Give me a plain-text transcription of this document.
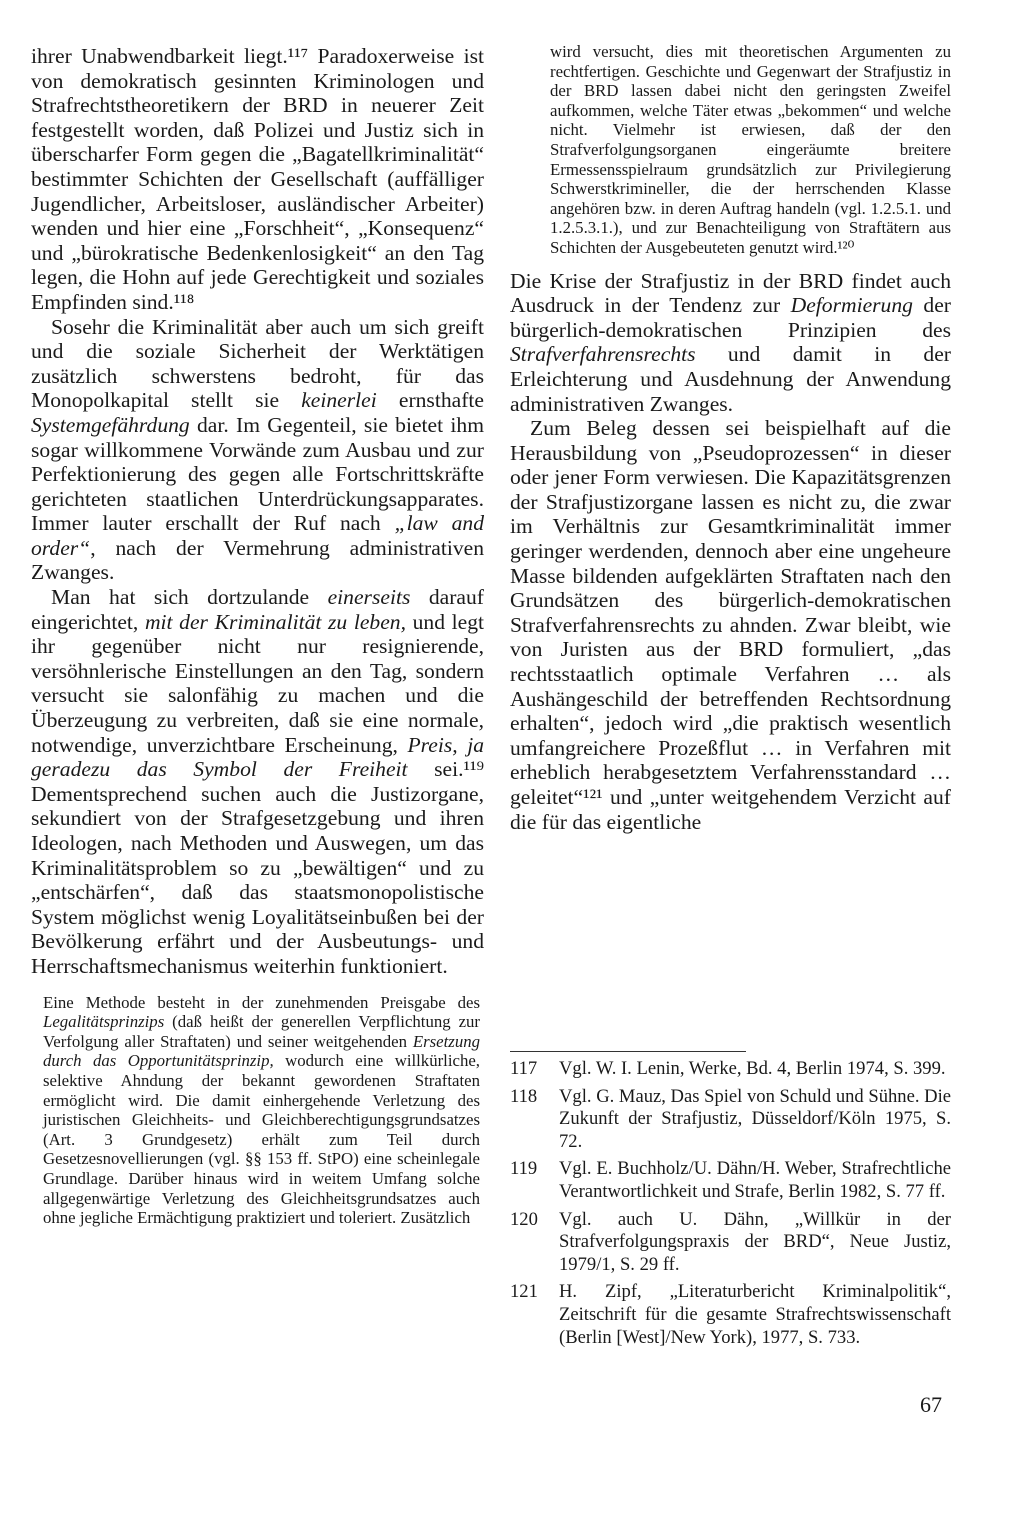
ihrer Unabwendbarkeit liegt.¹¹⁷ Paradoxerweise ist von demokratisch gesinnten Kriminologen und Strafrechtstheoretikern der BRD in neuerer Zeit festgestellt worden, daß Polizei und Justiz sich in überscharfer Form gegen die „Bagatellkriminalität“ bestimmter Schichten der Gesellschaft (auffälliger Jugendlicher, Arbeitsloser, ausländischer Arbeiter) wenden und hier eine „Forschheit“, „Konsequenz“ und „bürokratische Bedenkenlosigkeit“ an den Tag legen, die Hohn auf jede Gerechtigkeit und soziales Empfinden sind.¹¹⁸

Sosehr die Kriminalität aber auch um sich greift und die soziale Sicherheit der Werktätigen zusätzlich schwerstens bedroht, für das Monopolkapital stellt sie keinerlei ernsthafte Systemgefährdung dar. Im Gegenteil, sie bietet ihm sogar willkommene Vorwände zum Ausbau und zur Perfektionierung des gegen alle Fortschrittskräfte gerichteten staatlichen Unterdrückungsapparates. Immer lauter erschallt der Ruf nach „law and order“, nach der Vermehrung administrativen Zwanges.

Man hat sich dortzulande einerseits darauf eingerichtet, mit der Kriminalität zu leben, und legt ihr gegenüber nicht nur resignierende, versöhnlerische Einstellungen an den Tag, sondern versucht sie salonfähig zu machen und die Überzeugung zu verbreiten, daß sie eine normale, notwendige, unverzichtbare Erscheinung, Preis, ja geradezu das Symbol der Freiheit sei.¹¹⁹ Dementsprechend suchen auch die Justizorgane, sekundiert von der Strafgesetzgebung und ihren Ideologen, nach Methoden und Auswegen, um das Kriminalitätsproblem so zu „bewältigen“ und zu „entschärfen“, daß das staatsmonopolistische System möglichst wenig Loyalitätseinbußen bei der Bevölkerung erfährt und der Ausbeutungs- und Herrschaftsmechanismus weiterhin funktioniert.

Eine Methode besteht in der zunehmenden Preisgabe des Legalitätsprinzips (daß heißt der generellen Verpflichtung zur Verfolgung aller Straftaten) und seiner weitgehenden Ersetzung durch das Opportunitätsprinzip, wodurch eine willkürliche, selektive Ahndung der bekannt gewordenen Straftaten ermöglicht wird. Die damit einhergehende Verletzung des juristischen Gleichheits- und Gleichberechtigungsgrundsatzes (Art. 3 Grundgesetz) erhält zum Teil durch Gesetzesnovellierungen (vgl. §§ 153 ff. StPO) eine scheinlegale Grundlage. Darüber hinaus wird in weitem Umfang solche allgegenwärtige Verletzung des Gleichheitsgrundsatzes auch ohne jegliche Ermächtigung praktiziert und toleriert. Zusätzlich

wird versucht, dies mit theoretischen Argumenten zu rechtfertigen. Geschichte und Gegenwart der Strafjustiz in der BRD lassen dabei nicht den geringsten Zweifel aufkommen, welche Täter etwas „bekommen“ und welche nicht. Vielmehr ist erwiesen, daß der den Strafverfolgungsorganen eingeräumte breitere Ermessensspielraum grundsätzlich zur Privilegierung Schwerstkrimineller, die der herrschenden Klasse angehören bzw. in deren Auftrag handeln (vgl. 1.2.5.1. und 1.2.5.3.1.), und zur Benachteiligung von Straftätern aus Schichten der Ausgebeuteten genutzt wird.¹²⁰

Die Krise der Strafjustiz in der BRD findet auch Ausdruck in der Tendenz zur Deformierung der bürgerlich-demokratischen Prinzipien des Strafverfahrensrechts und damit in der Erleichterung und Ausdehnung der Anwendung administrativen Zwanges.

Zum Beleg dessen sei beispielhaft auf die Herausbildung von „Pseudoprozessen“ in dieser oder jener Form verwiesen. Die Kapazitätsgrenzen der Strafjustizorgane lassen es nicht zu, die zwar im Verhältnis zur Gesamtkriminalität immer geringer werdenden, dennoch aber eine ungeheure Masse bildenden aufgeklärten Straftaten nach den Grundsätzen des bürgerlich-demokratischen Strafverfahrensrechts zu ahnden. Zwar bleibt, wie von Juristen aus der BRD formuliert, „das rechtsstaatlich optimale Verfahren … als Aushängeschild der betreffenden Rechtsordnung erhalten“, jedoch wird „die praktisch wesentlich umfangreichere Prozeßflut … in Verfahren mit erheblich herabgesetztem Verfahrensstandard … geleitet“¹²¹ und „unter weitgehendem Verzicht auf die für das eigentliche

117 Vgl. W. I. Lenin, Werke, Bd. 4, Berlin 1974, S. 399.
118 Vgl. G. Mauz, Das Spiel von Schuld und Sühne. Die Zukunft der Strafjustiz, Düsseldorf/Köln 1975, S. 72.
119 Vgl. E. Buchholz/U. Dähn/H. Weber, Strafrechtliche Verantwortlichkeit und Strafe, Berlin 1982, S. 77 ff.
120 Vgl. auch U. Dähn, „Willkür in der Strafverfolgungspraxis der BRD“, Neue Justiz, 1979/1, S. 29 ff.
121 H. Zipf, „Literaturbericht Kriminalpolitik“, Zeitschrift für die gesamte Strafrechtswissenschaft (Berlin [West]/New York), 1977, S. 733.
67
